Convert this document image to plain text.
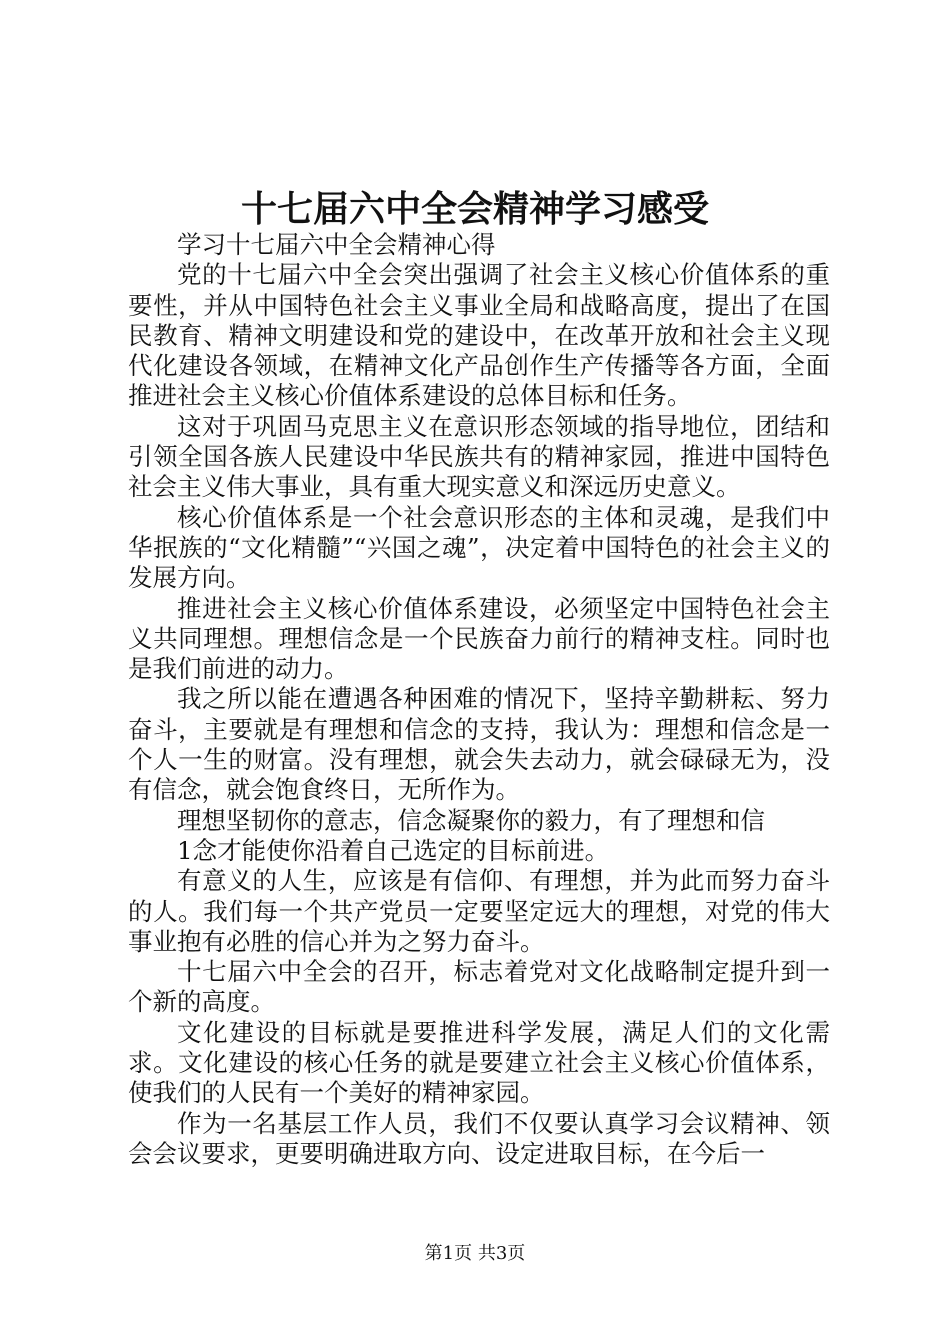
十七届六中全会精神学习感受

学习十七届六中全会精神心得

党的十七届六中全会突出强调了社会主义核心价值体系的重要性，并从中国特色社会主义事业全局和战略高度，提出了在国民教育、精神文明建设和党的建设中，在改革开放和社会主义现代化建设各领域，在精神文化产品创作生产传播等各方面，全面推进社会主义核心价值体系建设的总体目标和任务。

这对于巩固马克思主义在意识形态领域的指导地位，团结和引领全国各族人民建设中华民族共有的精神家园，推进中国特色社会主义伟大事业，具有重大现实意义和深远历史意义。

核心价值体系是一个社会意识形态的主体和灵魂，是我们中华抿族的“文化精髓”“兴国之魂”，决定着中国特色的社会主义的发展方向。

推进社会主义核心价值体系建设，必须坚定中国特色社会主义共同理想。理想信念是一个民族奋力前行的精神支柱。同时也是我们前进的动力。

我之所以能在遭遇各种困难的情况下，坚持辛勤耕耘、努力奋斗，主要就是有理想和信念的支持，我认为：理想和信念是一个人一生的财富。没有理想，就会失去动力，就会碌碌无为，没有信念，就会饱食终日，无所作为。

理想坚韧你的意志，信念凝聚你的毅力，有了理想和信

1念才能使你沿着自己选定的目标前进。

有意义的人生，应该是有信仰、有理想，并为此而努力奋斗的人。我们每一个共产党员一定要坚定远大的理想，对党的伟大事业抱有必胜的信心并为之努力奋斗。

十七届六中全会的召开，标志着党对文化战略制定提升到一个新的高度。

文化建设的目标就是要推进科学发展，满足人们的文化需求。文化建设的核心任务的就是要建立社会主义核心价值体系，使我们的人民有一个美好的精神家园。

作为一名基层工作人员，我们不仅要认真学习会议精神、领会会议要求，更要明确进取方向、设定进取目标，在今后一

第1页 共3页
